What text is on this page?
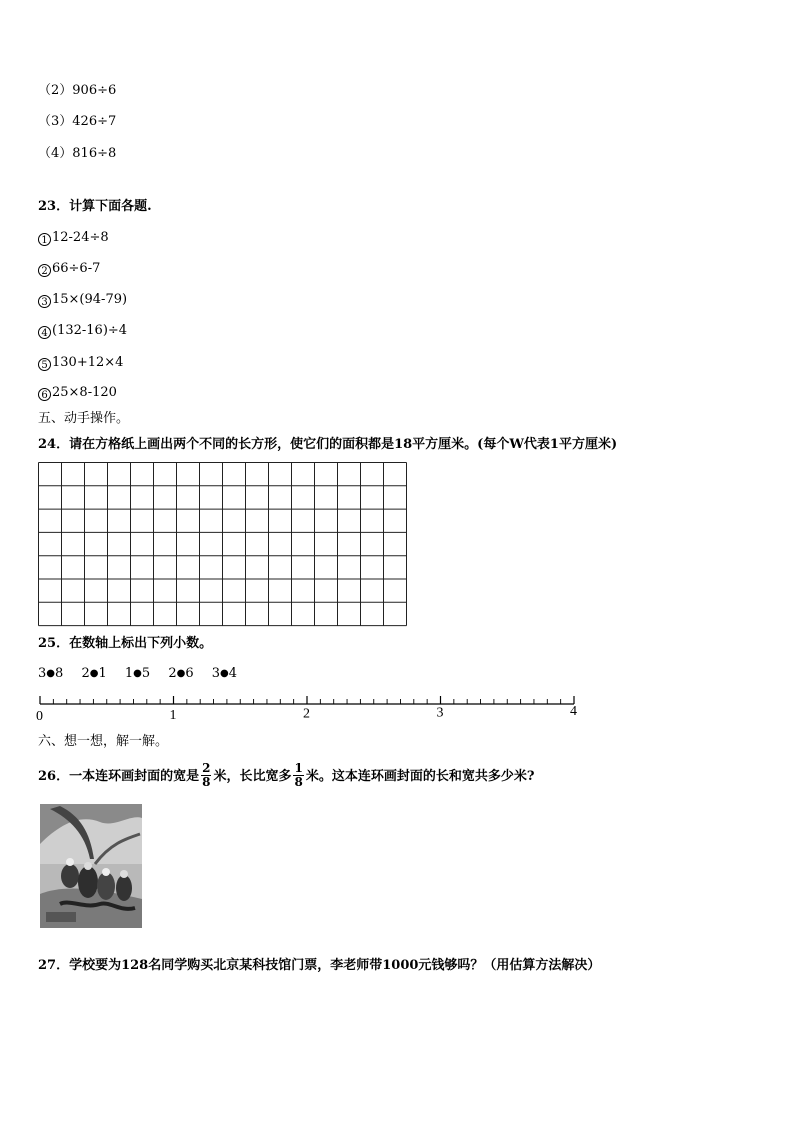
（2）906÷6
（3）426÷7
（4）816÷8
23．计算下面各题.
1 12-24÷8
2 66÷6-7
3 15×(94-79)
4 (132-16)÷4
5 130+12×4
6 25×8-120
五、动手操作。
24．请在方格纸上画出两个不同的长方形，使它们的面积都是18平方厘米。(每个W代表1平方厘米)
25．在数轴上标出下列小数。
3●8 2●1 1●5 2●6 3●4
0	1	2	3	4
六、想一想，解一解。
26．一本连环画封面的宽是 $\frac{2}{8}$ 米，长比宽多 $\frac{1}{8}$ 米。这本连环画封面的长和宽共多少米?
27．学校要为128名同学购买北京某科技馆门票，李老师带1000元钱够吗？（用估算方法解决）
